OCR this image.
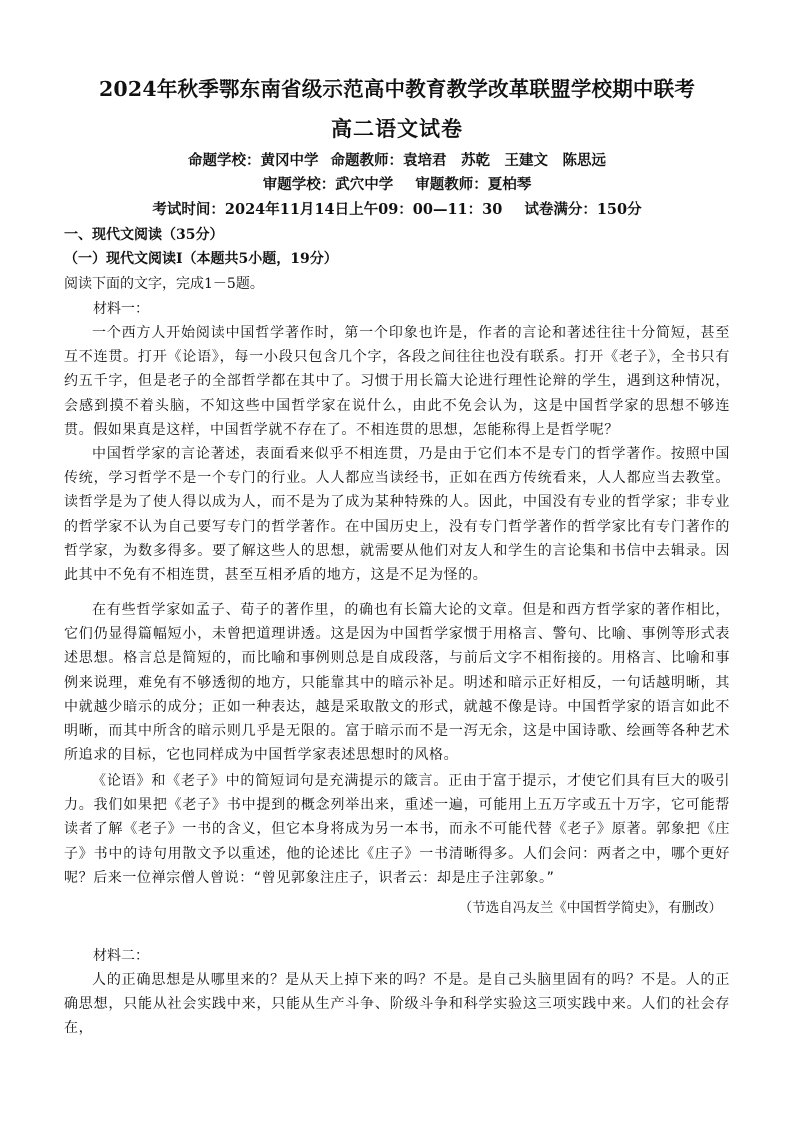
2024年秋季鄂东南省级示范高中教育教学改革联盟学校期中联考
高二语文试卷
命题学校：黄冈中学 命题教师：袁培君　苏乾　王建文　陈思远
审题学校：武穴中学 审题教师：夏柏琴
考试时间：2024年11月14日上午09：00—11：30 试卷满分：150分
一、现代文阅读（35分）
（一）现代文阅读Ⅰ（本题共5小题，19分）
阅读下面的文字，完成1－5题。
材料一：
一个西方人开始阅读中国哲学著作时，第一个印象也许是，作者的言论和著述往往十分简短，甚至互不连贯。打开《论语》，每一小段只包含几个字，各段之间往往也没有联系。打开《老子》，全书只有约五千字，但是老子的全部哲学都在其中了。习惯于用长篇大论进行理性论辩的学生，遇到这种情况，会感到摸不着头脑，不知这些中国哲学家在说什么，由此不免会认为，这是中国哲学家的思想不够连贯。假如果真是这样，中国哲学就不存在了。不相连贯的思想，怎能称得上是哲学呢？
中国哲学家的言论著述，表面看来似乎不相连贯，乃是由于它们本不是专门的哲学著作。按照中国传统，学习哲学不是一个专门的行业。人人都应当读经书，正如在西方传统看来，人人都应当去教堂。读哲学是为了使人得以成为人，而不是为了成为某种特殊的人。因此，中国没有专业的哲学家；非专业的哲学家不认为自己要写专门的哲学著作。在中国历史上，没有专门哲学著作的哲学家比有专门著作的哲学家，为数多得多。要了解这些人的思想，就需要从他们对友人和学生的言论集和书信中去辑录。因此其中不免有不相连贯，甚至互相矛盾的地方，这是不足为怪的。
在有些哲学家如孟子、荀子的著作里，的确也有长篇大论的文章。但是和西方哲学家的著作相比，它们仍显得篇幅短小，未曾把道理讲透。这是因为中国哲学家惯于用格言、警句、比喻、事例等形式表述思想。格言总是简短的，而比喻和事例则总是自成段落，与前后文字不相衔接的。用格言、比喻和事例来说理，难免有不够透彻的地方，只能靠其中的暗示补足。明述和暗示正好相反，一句话越明晰，其中就越少暗示的成分；正如一种表达，越是采取散文的形式，就越不像是诗。中国哲学家的语言如此不明晰，而其中所含的暗示则几乎是无限的。富于暗示而不是一泻无余，这是中国诗歌、绘画等各种艺术所追求的目标，它也同样成为中国哲学家表述思想时的风格。
《论语》和《老子》中的简短词句是充满提示的箴言。正由于富于提示，才使它们具有巨大的吸引力。我们如果把《老子》书中提到的概念列举出来，重述一遍，可能用上五万字或五十万字，它可能帮读者了解《老子》一书的含义，但它本身将成为另一本书，而永不可能代替《老子》原著。郭象把《庄子》书中的诗句用散文予以重述，他的论述比《庄子》一书清晰得多。人们会问：两者之中，哪个更好呢？后来一位禅宗僧人曾说：“曾见郭象注庄子，识者云：却是庄子注郭象。”
（节选自冯友兰《中国哲学简史》，有删改）
材料二：
人的正确思想是从哪里来的？是从天上掉下来的吗？不是。是自己头脑里固有的吗？不是。人的正确思想，只能从社会实践中来，只能从生产斗争、阶级斗争和科学实验这三项实践中来。人们的社会存在，
